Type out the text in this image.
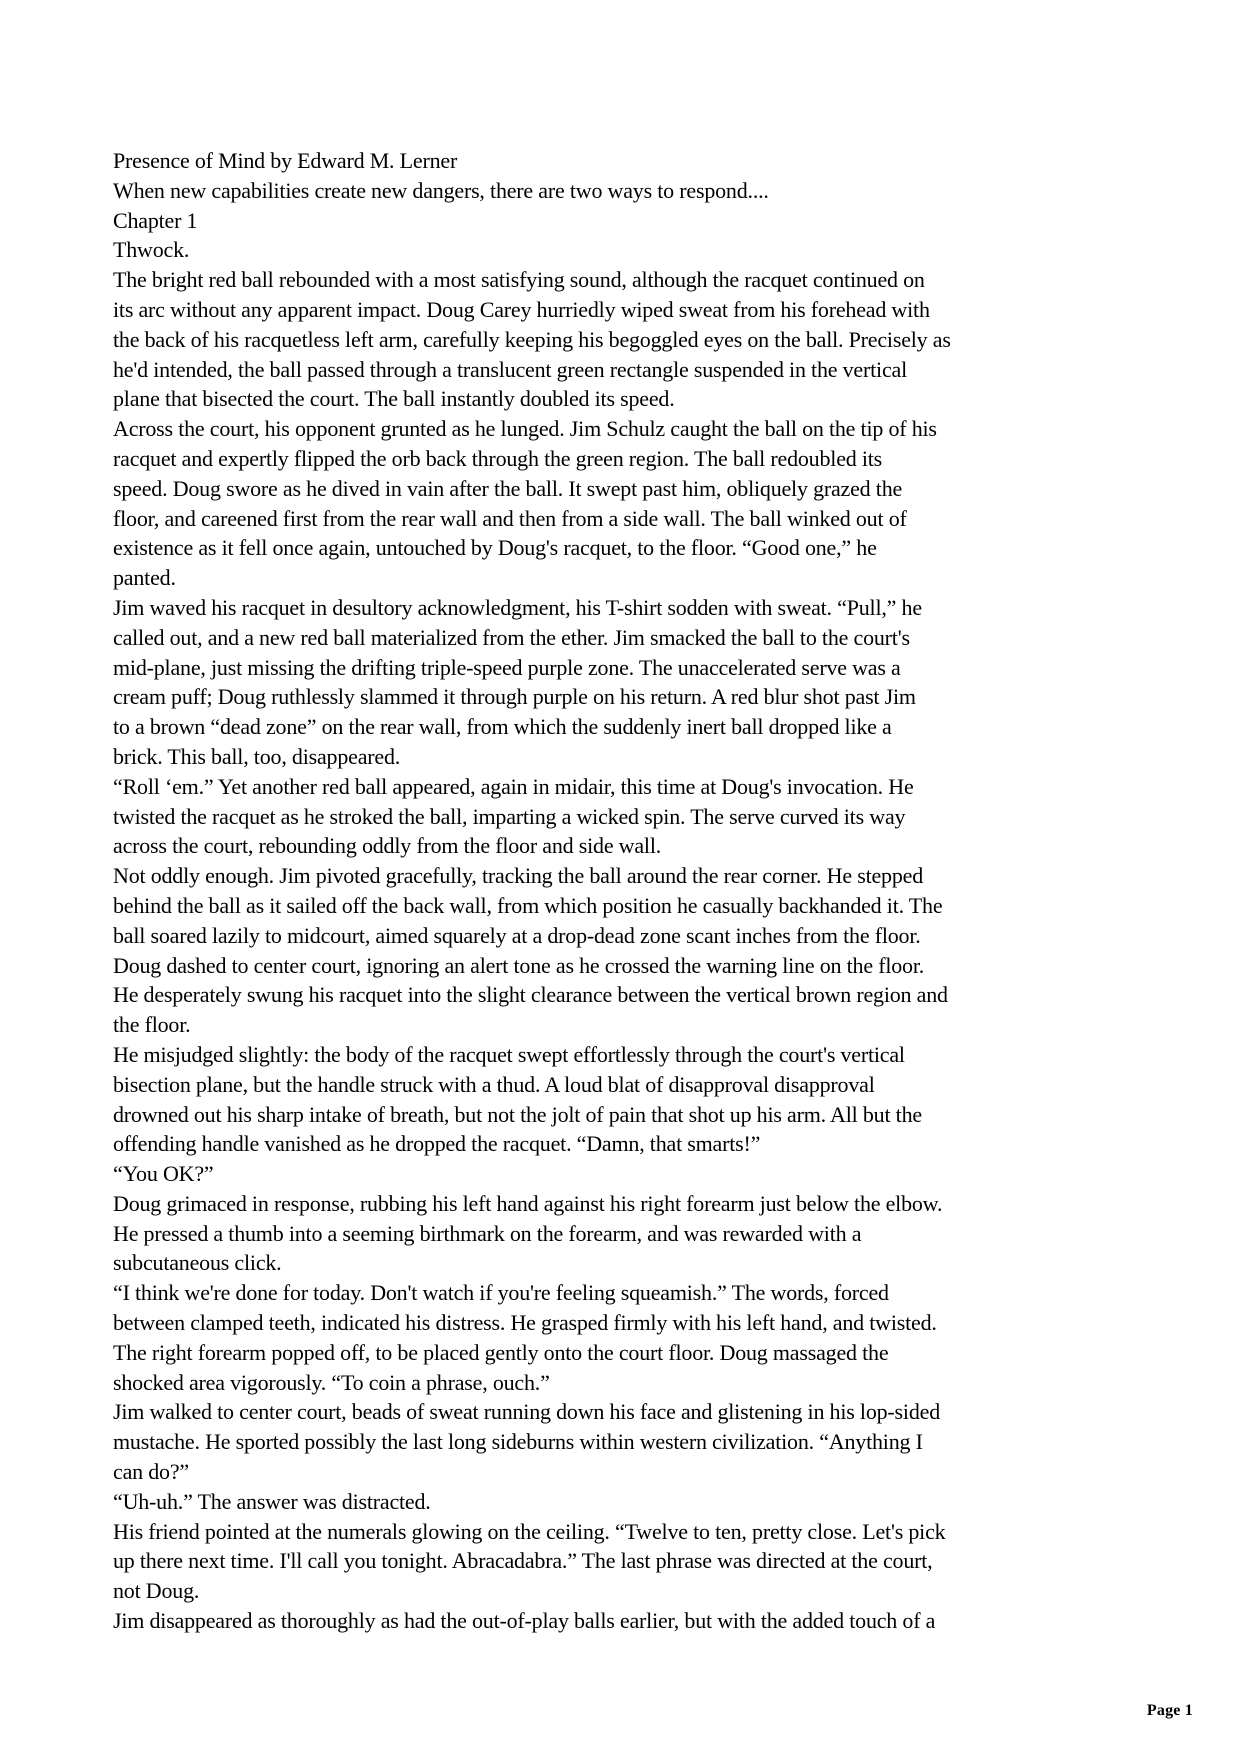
Presence of Mind by Edward M. Lerner

When new capabilities create new dangers, there are two ways to respond....

Chapter 1

Thwock.

The bright red ball rebounded with a most satisfying sound, although the racquet continued on
its arc without any apparent impact. Doug Carey hurriedly wiped sweat from his forehead with
the back of his racquetless left arm, carefully keeping his begoggled eyes on the ball. Precisely as
he'd intended, the ball passed through a translucent green rectangle suspended in the vertical
plane that bisected the court. The ball instantly doubled its speed.

Across the court, his opponent grunted as he lunged. Jim Schulz caught the ball on the tip of his
racquet and expertly flipped the orb back through the green region. The ball redoubled its
speed. Doug swore as he dived in vain after the ball. It swept past him, obliquely grazed the
floor, and careened first from the rear wall and then from a side wall. The ball winked out of
existence as it fell once again, untouched by Doug's racquet, to the floor. “Good one,” he
panted.

Jim waved his racquet in desultory acknowledgment, his T-shirt sodden with sweat. “Pull,” he
called out, and a new red ball materialized from the ether. Jim smacked the ball to the court's
mid-plane, just missing the drifting triple-speed purple zone. The unaccelerated serve was a
cream puff; Doug ruthlessly slammed it through purple on his return. A red blur shot past Jim
to a brown “dead zone” on the rear wall, from which the suddenly inert ball dropped like a
brick. This ball, too, disappeared.

“Roll ‘em.” Yet another red ball appeared, again in midair, this time at Doug's invocation. He
twisted the racquet as he stroked the ball, imparting a wicked spin. The serve curved its way
across the court, rebounding oddly from the floor and side wall.

Not oddly enough. Jim pivoted gracefully, tracking the ball around the rear corner. He stepped
behind the ball as it sailed off the back wall, from which position he casually backhanded it. The
ball soared lazily to midcourt, aimed squarely at a drop-dead zone scant inches from the floor.
Doug dashed to center court, ignoring an alert tone as he crossed the warning line on the floor.
He desperately swung his racquet into the slight clearance between the vertical brown region and
the floor.

He misjudged slightly: the body of the racquet swept effortlessly through the court's vertical
bisection plane, but the handle struck with a thud. A loud blat of disapproval disapproval
drowned out his sharp intake of breath, but not the jolt of pain that shot up his arm. All but the
offending handle vanished as he dropped the racquet. “Damn, that smarts!”

“You OK?”

Doug grimaced in response, rubbing his left hand against his right forearm just below the elbow.
He pressed a thumb into a seeming birthmark on the forearm, and was rewarded with a
subcutaneous click.

“I think we're done for today. Don't watch if you're feeling squeamish.” The words, forced
between clamped teeth, indicated his distress. He grasped firmly with his left hand, and twisted.
The right forearm popped off, to be placed gently onto the court floor. Doug massaged the
shocked area vigorously. “To coin a phrase, ouch.”

Jim walked to center court, beads of sweat running down his face and glistening in his lop-sided
mustache. He sported possibly the last long sideburns within western civilization. “Anything I
can do?”

“Uh-uh.” The answer was distracted.

His friend pointed at the numerals glowing on the ceiling. “Twelve to ten, pretty close. Let's pick
up there next time. I'll call you tonight. Abracadabra.” The last phrase was directed at the court,
not Doug.

Jim disappeared as thoroughly as had the out-of-play balls earlier, but with the added touch of a

Page 1
